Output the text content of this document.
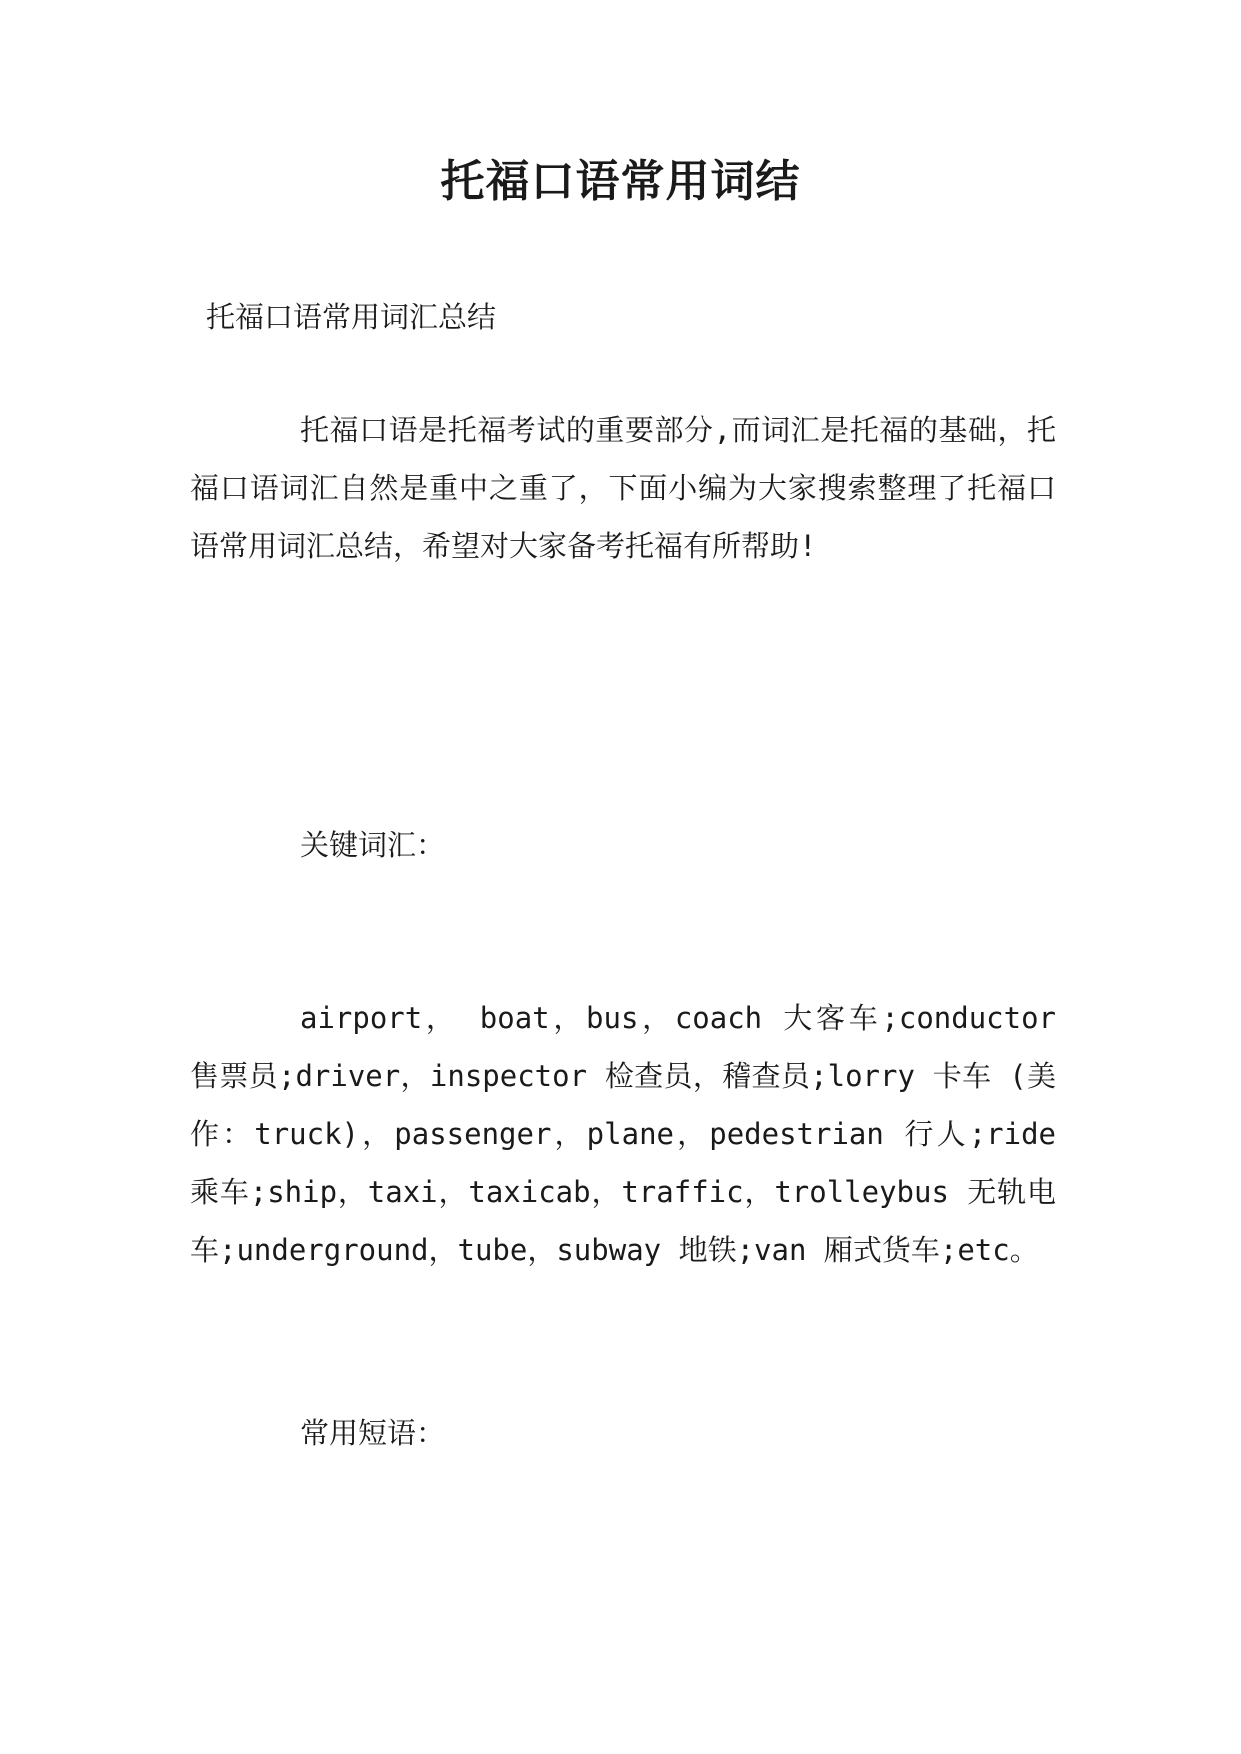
托福口语常用词结

托福口语常用词汇总结

托福口语是托福考试的重要部分,而词汇是托福的基础，托福口语词汇自然是重中之重了，下面小编为大家搜索整理了托福口语常用词汇总结，希望对大家备考托福有所帮助!

关键词汇：

airport， boat，bus，coach 大客车;conductor 售票员;driver，inspector 检查员，稽查员;lorry 卡车 (美作：truck)，passenger，plane，pedestrian 行人;ride 乘车;ship，taxi，taxicab，traffic，trolleybus 无轨电车;underground，tube，subway 地铁;van 厢式货车;etc。

常用短语：
